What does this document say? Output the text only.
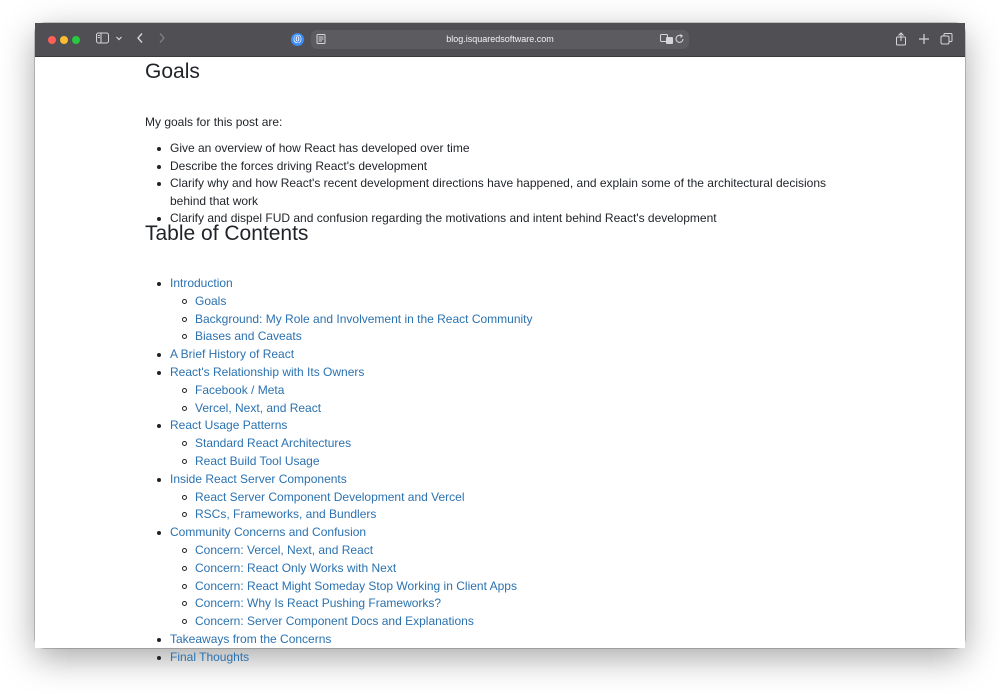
⓪	blog.isquaredsoftware.com
Goals

My goals for this post are:

Give an overview of how React has developed over time
Describe the forces driving React's development
Clarify why and how React's recent development directions have happened, and explain some of the architectural decisions behind that work
Clarify and dispel FUD and confusion regarding the motivations and intent behind React's development
Table of Contents
Introduction
Goals
Background: My Role and Involvement in the React Community
Biases and Caveats
A Brief History of React
React's Relationship with Its Owners
Facebook / Meta
Vercel, Next, and React
React Usage Patterns
Standard React Architectures
React Build Tool Usage
Inside React Server Components
React Server Component Development and Vercel
RSCs, Frameworks, and Bundlers
Community Concerns and Confusion
Concern: Vercel, Next, and React
Concern: React Only Works with Next
Concern: React Might Someday Stop Working in Client Apps
Concern: Why Is React Pushing Frameworks?
Concern: Server Component Docs and Explanations
Takeaways from the Concerns
Final Thoughts
